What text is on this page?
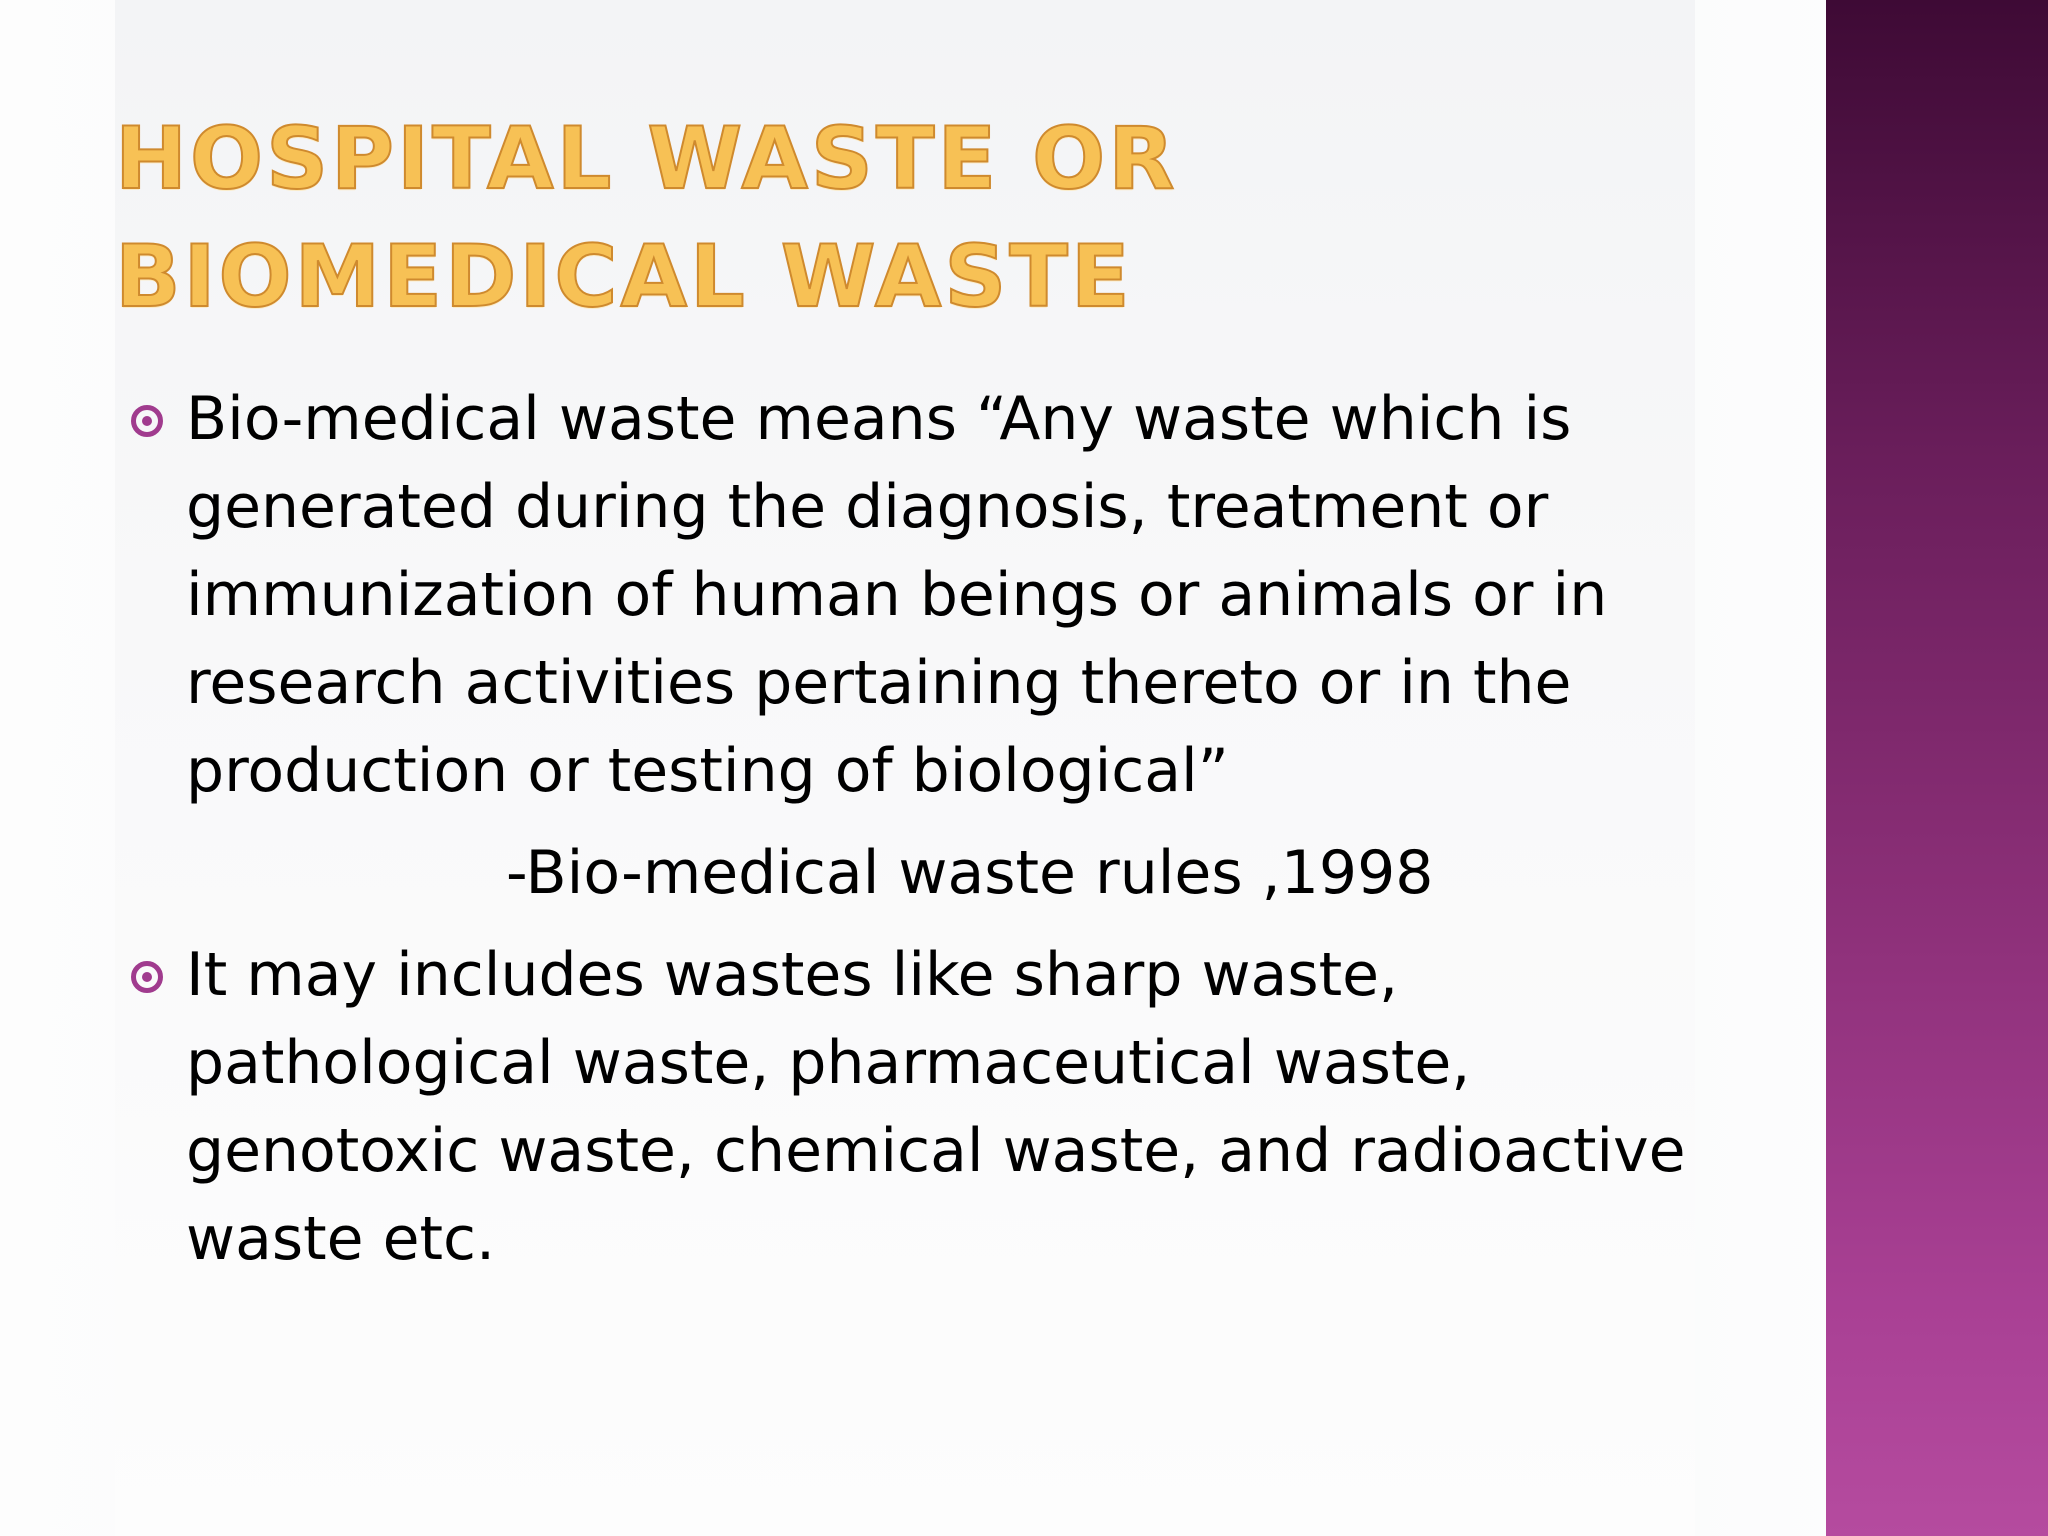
HOSPITAL WASTE OR BIOMEDICAL WASTE
Bio-medical waste means “Any waste which is generated during the diagnosis, treatment or immunization of human beings or animals or in research activities pertaining thereto or in the production or testing of biological”
-Bio-medical waste rules ,1998
It may includes wastes like sharp waste, pathological waste, pharmaceutical waste, genotoxic waste, chemical waste, and radioactive waste etc.
